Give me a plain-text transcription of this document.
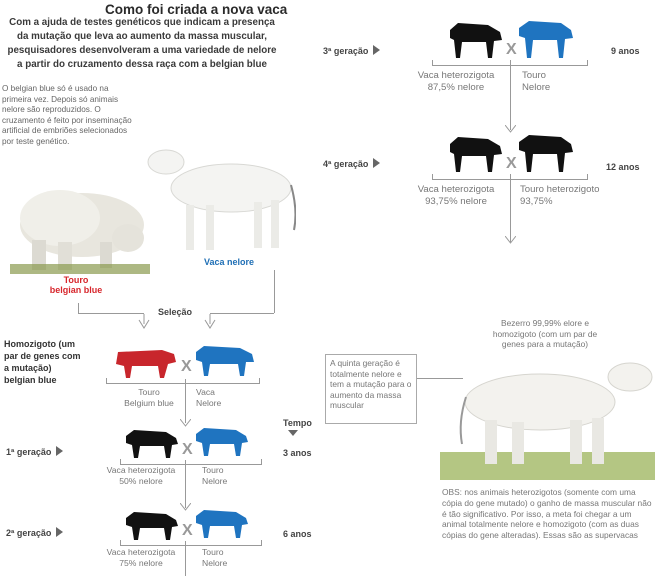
Como foi criada a nova vaca
Com a ajuda de testes genéticos que indicam a presença da mutação que leva ao aumento da massa muscular, pesquisadores desenvolveram a uma variedade de nelore a partir do cruzamento dessa raça com a belgian blue
O belgian blue só é usado na primeira vez. Depois só animais nelore são reproduzidos. O cruzamento é feito por inseminação artificial de embriões selecionados por teste genético.
Touro
belgian blue
Vaca nelore
Seleção
Homozigoto (um par de genes com a mutação) belgian blue
X
Touro
Belgium blue
Vaca
Nelore
Tempo
1ª geração	X
Vaca heterozigota
50% nelore
Touro
Nelore
3 anos
2ª geração	X
Vaca heterozigota
75% nelore
Touro
Nelore
6 anos
3ª geração	X
Vaca heterozigota
87,5% nelore
Touro
Nelore
9 anos
4ª geração	X
Vaca heterozigota
93,75% nelore
Touro heterozigoto
93,75%
12 anos
A quinta geração é totalmente nelore e tem a mutação para o aumento da massa muscular
Bezerro 99,99% elore e homozigoto (com um par de genes para a mutação)
OBS: nos animais heterozigotos (somente com uma cópia do gene mutado) o ganho de massa muscular não é tão significativo. Por isso, a meta foi chegar a um animal totalmente nelore e homozigoto (com as duas cópias do gene alteradas). Essas são as supervacas
